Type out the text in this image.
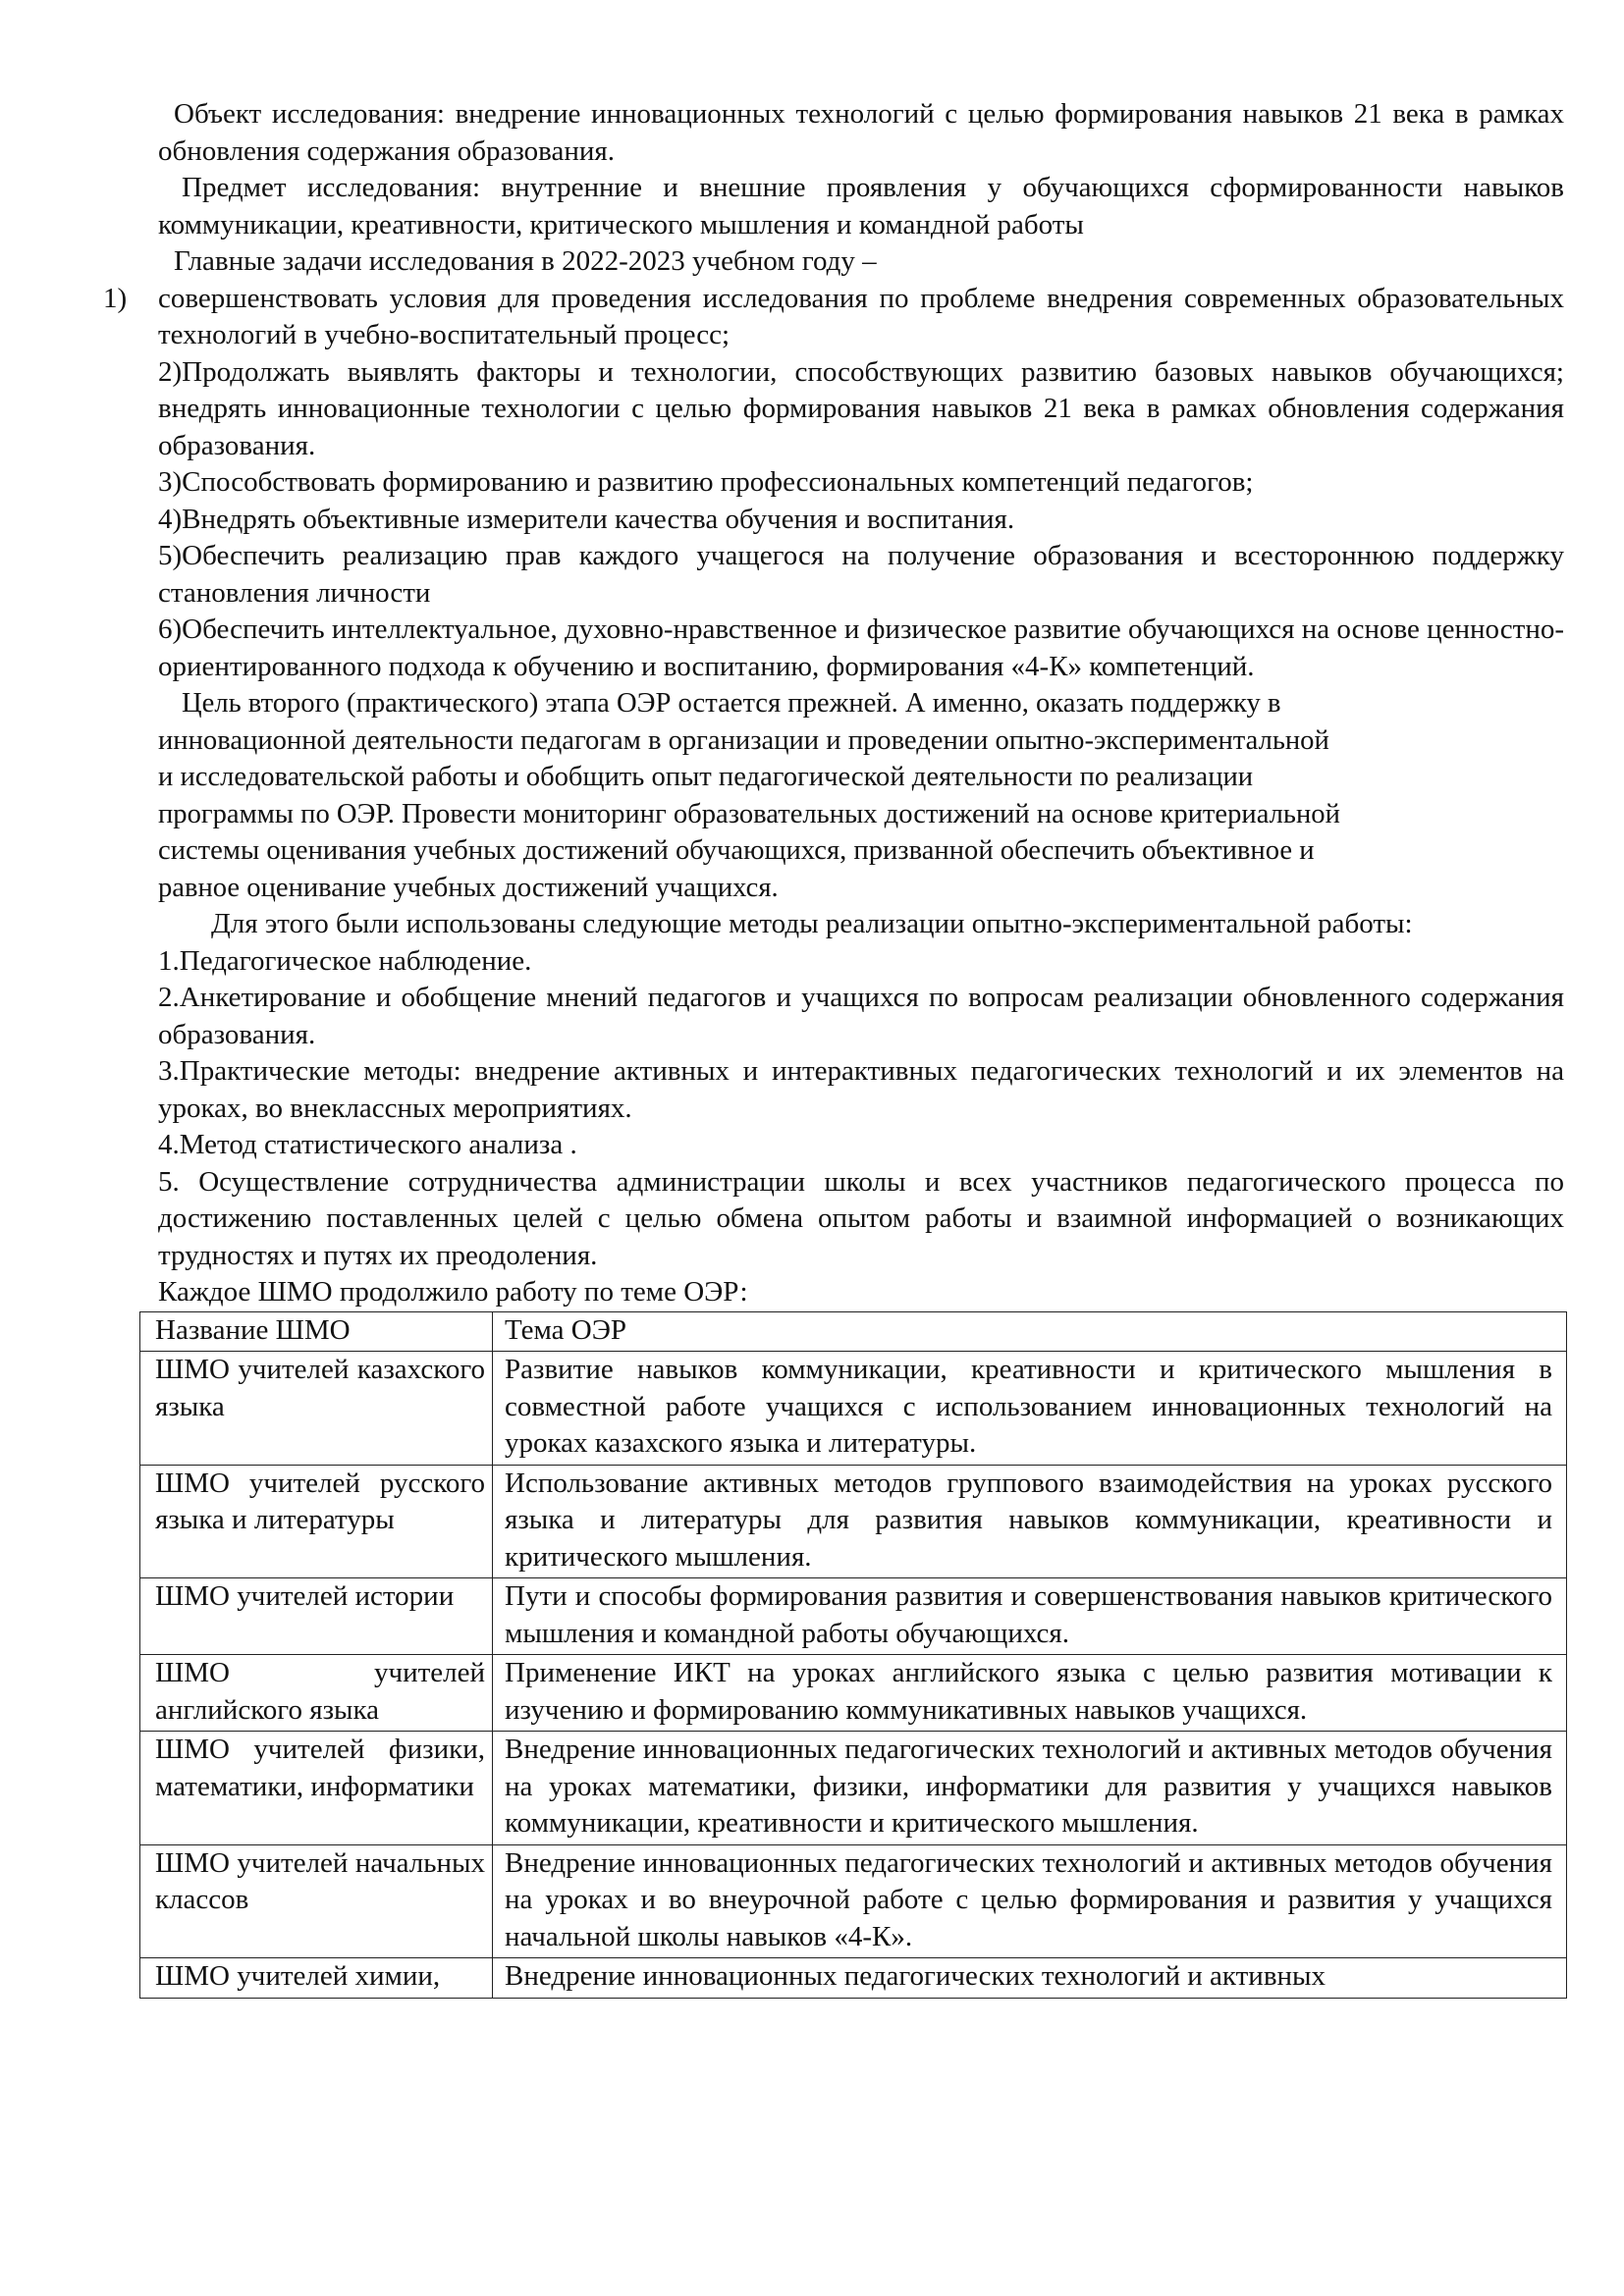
Объект исследования: внедрение инновационных технологий с целью формирования навыков 21 века в рамках обновления содержания образования.

Предмет исследования: внутренние и внешние проявления у обучающихся сформированности навыков коммуникации, креативности, критического мышления и командной работы

Главные задачи исследования в 2022-2023 учебном году –

1) совершенствовать условия для проведения исследования по проблеме внедрения современных образовательных технологий в учебно-воспитательный процесс;

2)Продолжать выявлять факторы и технологии, способствующих развитию базовых навыков обучающихся; внедрять инновационные технологии с целью формирования навыков 21 века в рамках обновления содержания образования.

3)Способствовать формированию и развитию профессиональных компетенций педагогов;

4)Внедрять объективные измерители качества обучения и воспитания.

5)Обеспечить реализацию прав каждого учащегося на получение образования и всестороннюю поддержку становления личности

6)Обеспечить интеллектуальное, духовно-нравственное и физическое развитие обучающихся на основе ценностно-ориентированного подхода к обучению и воспитанию, формирования «4-К» компетенций.

Цель второго (практического) этапа ОЭР остается прежней. А именно, оказать поддержку в
инновационной деятельности педагогам в организации и проведении опытно-экспериментальной
и исследовательской работы и обобщить опыт педагогической деятельности по реализации
программы по ОЭР. Провести мониторинг образовательных достижений на основе критериальной
системы оценивания учебных достижений обучающихся, призванной обеспечить объективное и
равное оценивание учебных достижений учащихся.

Для этого были использованы следующие методы реализации опытно-экспериментальной работы:

1.Педагогическое наблюдение.

2.Анкетирование и обобщение мнений педагогов и учащихся по вопросам реализации обновленного содержания образования.

3.Практические методы: внедрение активных и интерактивных педагогических технологий и их элементов на уроках, во внеклассных мероприятиях.

4.Метод статистического анализа .

5. Осуществление сотрудничества администрации школы и всех участников педагогического процесса по достижению поставленных целей с целью обмена опытом работы и взаимной информацией о возникающих трудностях и путях их преодоления.

Каждое ШМО продолжило работу по теме ОЭР:

Название ШМО	Тема ОЭР
ШМО учителей казахского языка	Развитие навыков коммуникации, креативности и критического мышления в совместной работе учащихся с использованием инновационных технологий на уроках казахского языка и литературы.
ШМО учителей русского языка и литературы	Использование активных методов группового взаимодействия на уроках русского языка и литературы для развития навыков коммуникации, креативности и критического мышления.
ШМО учителей истории	Пути и способы формирования развития и совершенствования навыков критического мышления и командной работы обучающихся.
ШМО учителей английского языка	Применение ИКТ на уроках английского языка с целью развития мотивации к изучению и формированию коммуникативных навыков учащихся.
ШМО учителей физики, математики, информатики	Внедрение инновационных педагогических технологий и активных методов обучения на уроках математики, физики, информатики для развития у учащихся навыков коммуникации, креативности и критического мышления.
ШМО учителей начальных классов	Внедрение инновационных педагогических технологий и активных методов обучения на уроках и во внеурочной работе с целью формирования и развития у учащихся начальной школы навыков «4-К».
ШМО учителей химии,	Внедрение инновационных педагогических технологий и активных
